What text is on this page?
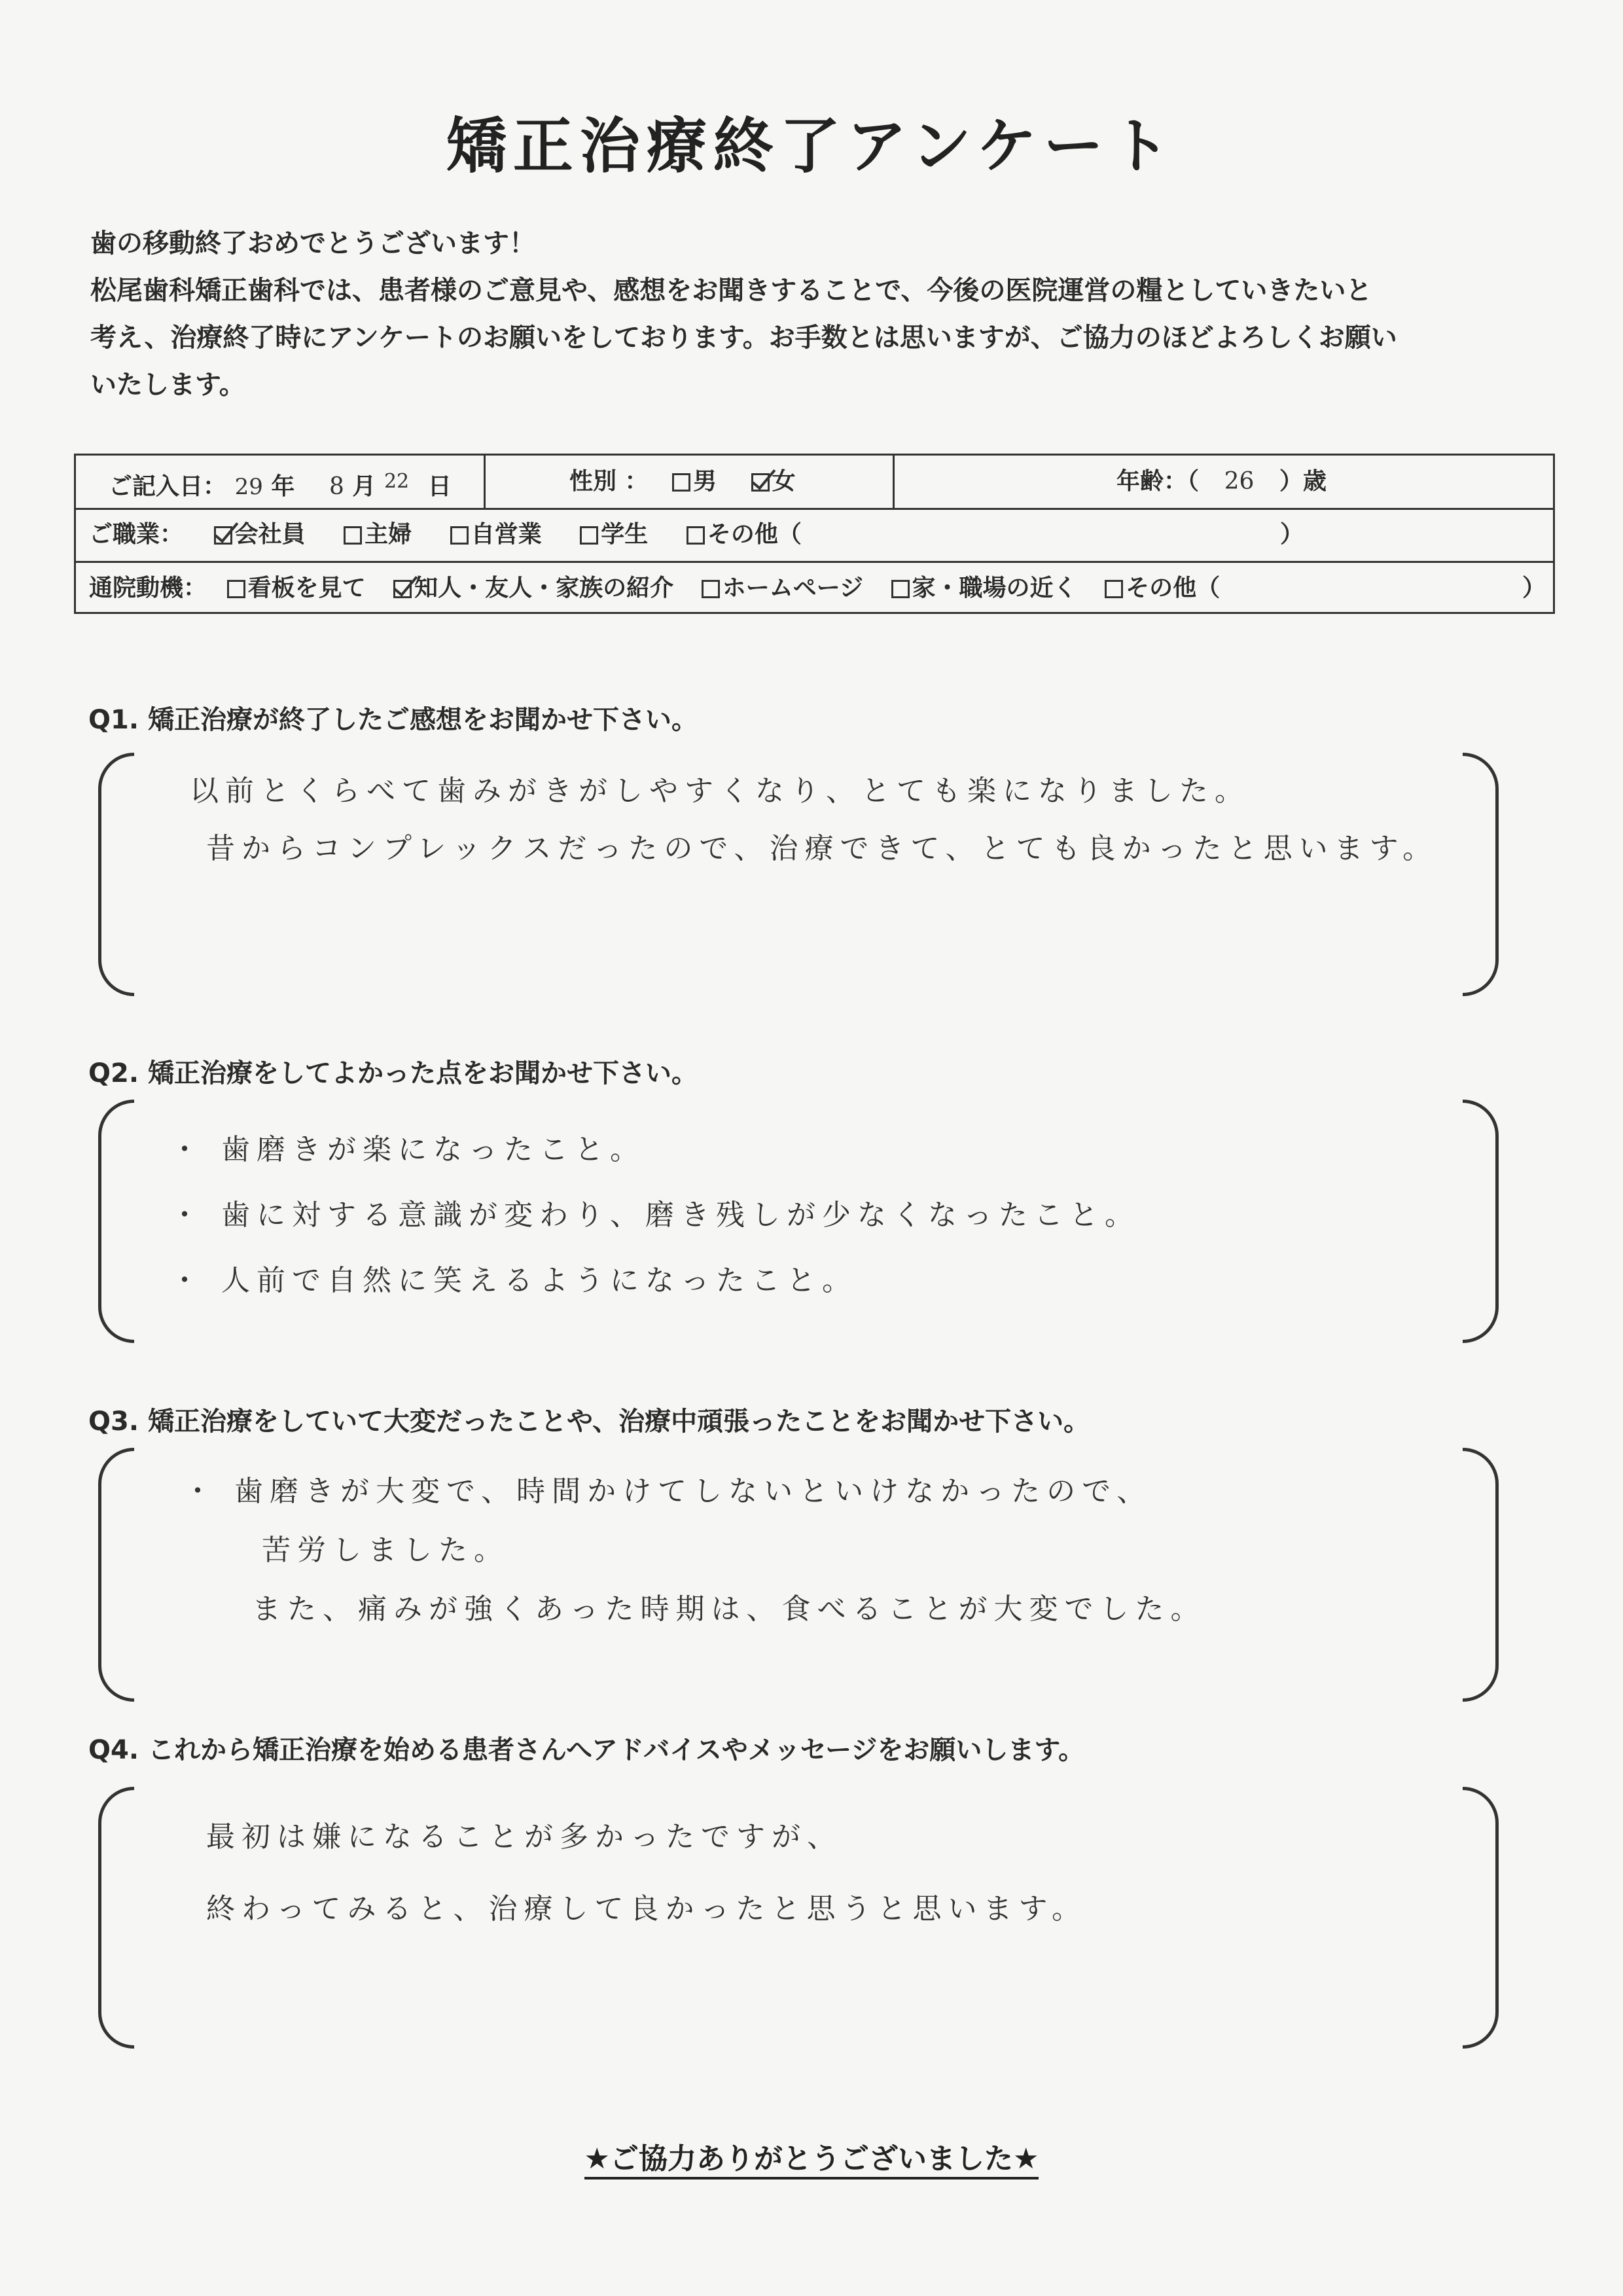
矯正治療終了アンケート
歯の移動終了おめでとうございます！
松尾歯科矯正歯科では、患者様のご意見や、感想をお聞きすることで、今後の医院運営の糧としていきたいと
考え、治療終了時にアンケートのお願いをしております。お手数とは思いますが、ご協力のほどよろしくお願い
いたします。
ご記入日： 29 年 8 月 $^{22}$ 日	性別 ： 男 女	年齢：（ 26 ）歳
ご職業： 会社員	主婦	自営業	学生	その他（	）
通院動機： 看板を見て 知人・友人・家族の紹介 ホームページ 家・職場の近く その他（	）
Q1. 矯正治療が終了したご感想をお聞かせ下さい。
以前とくらべて歯みがきがしやすくなり、とても楽になりました。
昔からコンプレックスだったので、治療できて、とても良かったと思います。
Q2. 矯正治療をしてよかった点をお聞かせ下さい。
・ 歯磨きが楽になったこと。
・ 歯に対する意識が変わり、磨き残しが少なくなったこと。
・ 人前で自然に笑えるようになったこと。
Q3. 矯正治療をしていて大変だったことや、治療中頑張ったことをお聞かせ下さい。
・ 歯磨きが大変で、時間かけてしないといけなかったので、
苦労しました。
また、痛みが強くあった時期は、食べることが大変でした。
Q4. これから矯正治療を始める患者さんへアドバイスやメッセージをお願いします。
最初は嫌になることが多かったですが、
終わってみると、治療して良かったと思うと思います。
★ご協力ありがとうございました★
